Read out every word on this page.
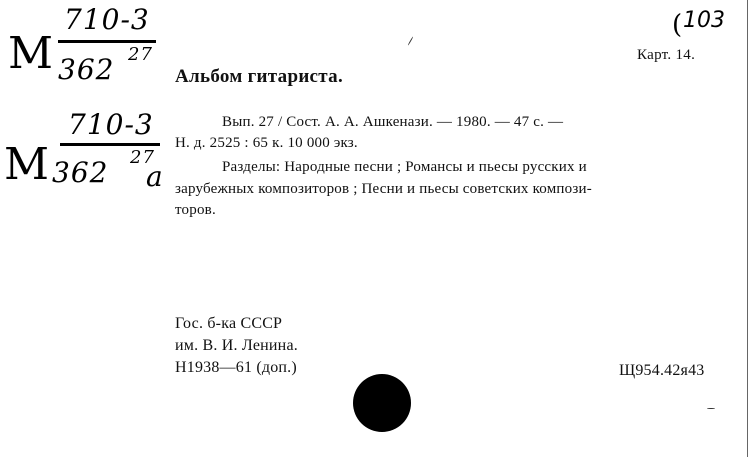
М
710-3
362 27
М
710-3
362 27
а
( 103
Карт. 14.
Альбом гитариста.
Вып. 27 / Сост. А. А. Ашкенази. — 1980. — 47 с. —
Н. д. 2525 : 65 к. 10 000 экз.
Разделы: Народные песни ; Романсы и пьесы русских и
зарубежных композиторов ; Песни и пьесы советских компози-
торов.
Гос. б-ка СССР
им. В. И. Ленина.
Н1938—61 (доп.)	Щ954.42я43
